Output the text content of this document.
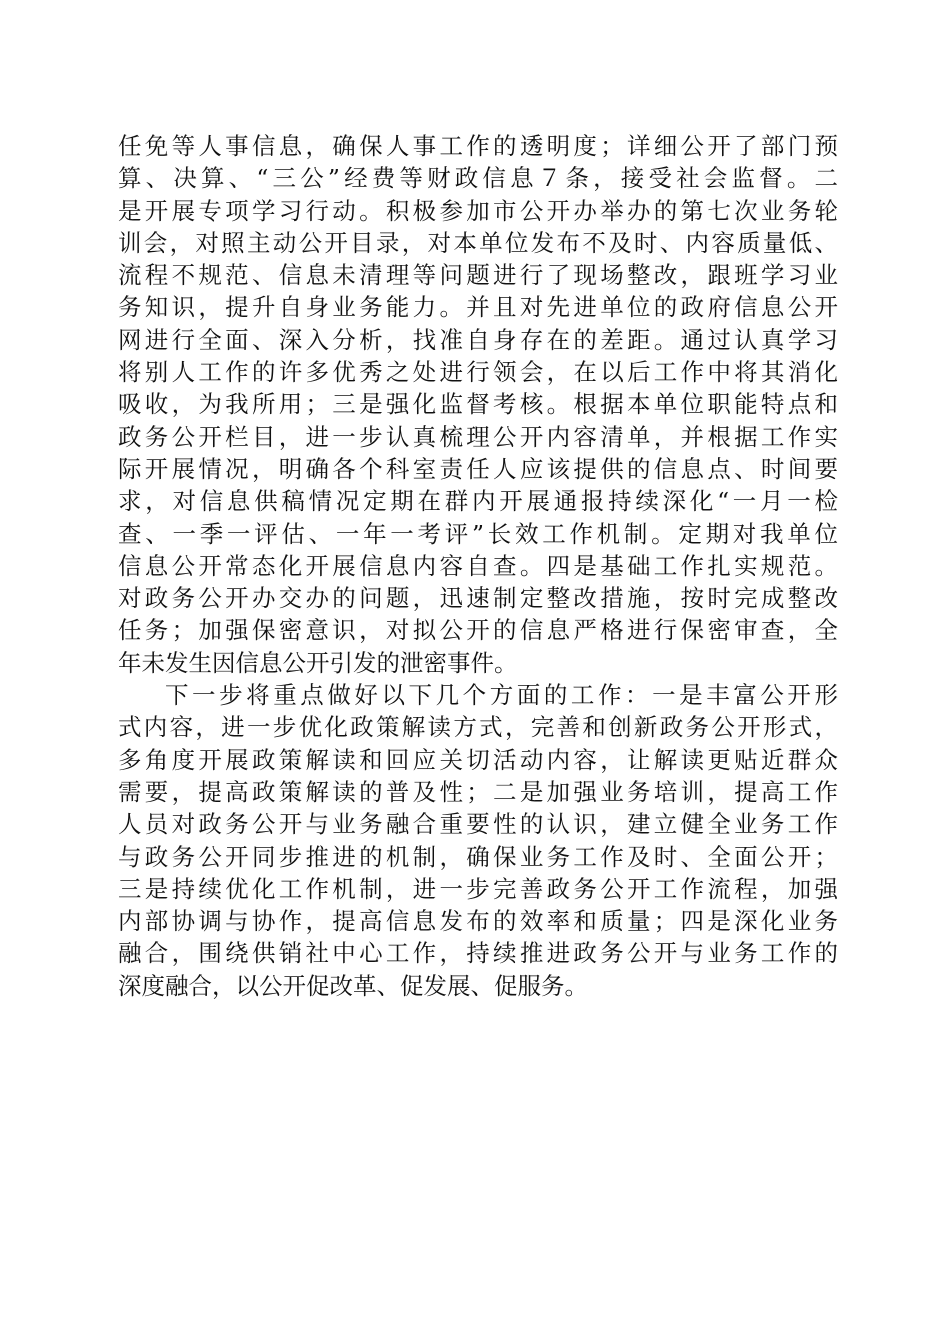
任免等人事信息，确保人事工作的透明度；详细公开了部门预
算、决算、“三公”经费等财政信息７条，接受社会监督。二
是开展专项学习行动。积极参加市公开办举办的第七次业务轮
训会，对照主动公开目录，对本单位发布不及时、内容质量低、
流程不规范、信息未清理等问题进行了现场整改，跟班学习业
务知识，提升自身业务能力。并且对先进单位的政府信息公开
网进行全面、深入分析，找准自身存在的差距。通过认真学习
将别人工作的许多优秀之处进行领会，在以后工作中将其消化
吸收，为我所用；三是强化监督考核。根据本单位职能特点和
政务公开栏目，进一步认真梳理公开内容清单，并根据工作实
际开展情况，明确各个科室责任人应该提供的信息点、时间要
求，对信息供稿情况定期在群内开展通报持续深化“一月一检
查、一季一评估、一年一考评”长效工作机制。定期对我单位
信息公开常态化开展信息内容自查。四是基础工作扎实规范。
对政务公开办交办的问题，迅速制定整改措施，按时完成整改
任务；加强保密意识，对拟公开的信息严格进行保密审查，全
年未发生因信息公开引发的泄密事件。
下一步将重点做好以下几个方面的工作：一是丰富公开形
式内容，进一步优化政策解读方式，完善和创新政务公开形式，
多角度开展政策解读和回应关切活动内容，让解读更贴近群众
需要，提高政策解读的普及性；二是加强业务培训，提高工作
人员对政务公开与业务融合重要性的认识，建立健全业务工作
与政务公开同步推进的机制，确保业务工作及时、全面公开；
三是持续优化工作机制，进一步完善政务公开工作流程，加强
内部协调与协作，提高信息发布的效率和质量；四是深化业务
融合，围绕供销社中心工作，持续推进政务公开与业务工作的
深度融合，以公开促改革、促发展、促服务。
